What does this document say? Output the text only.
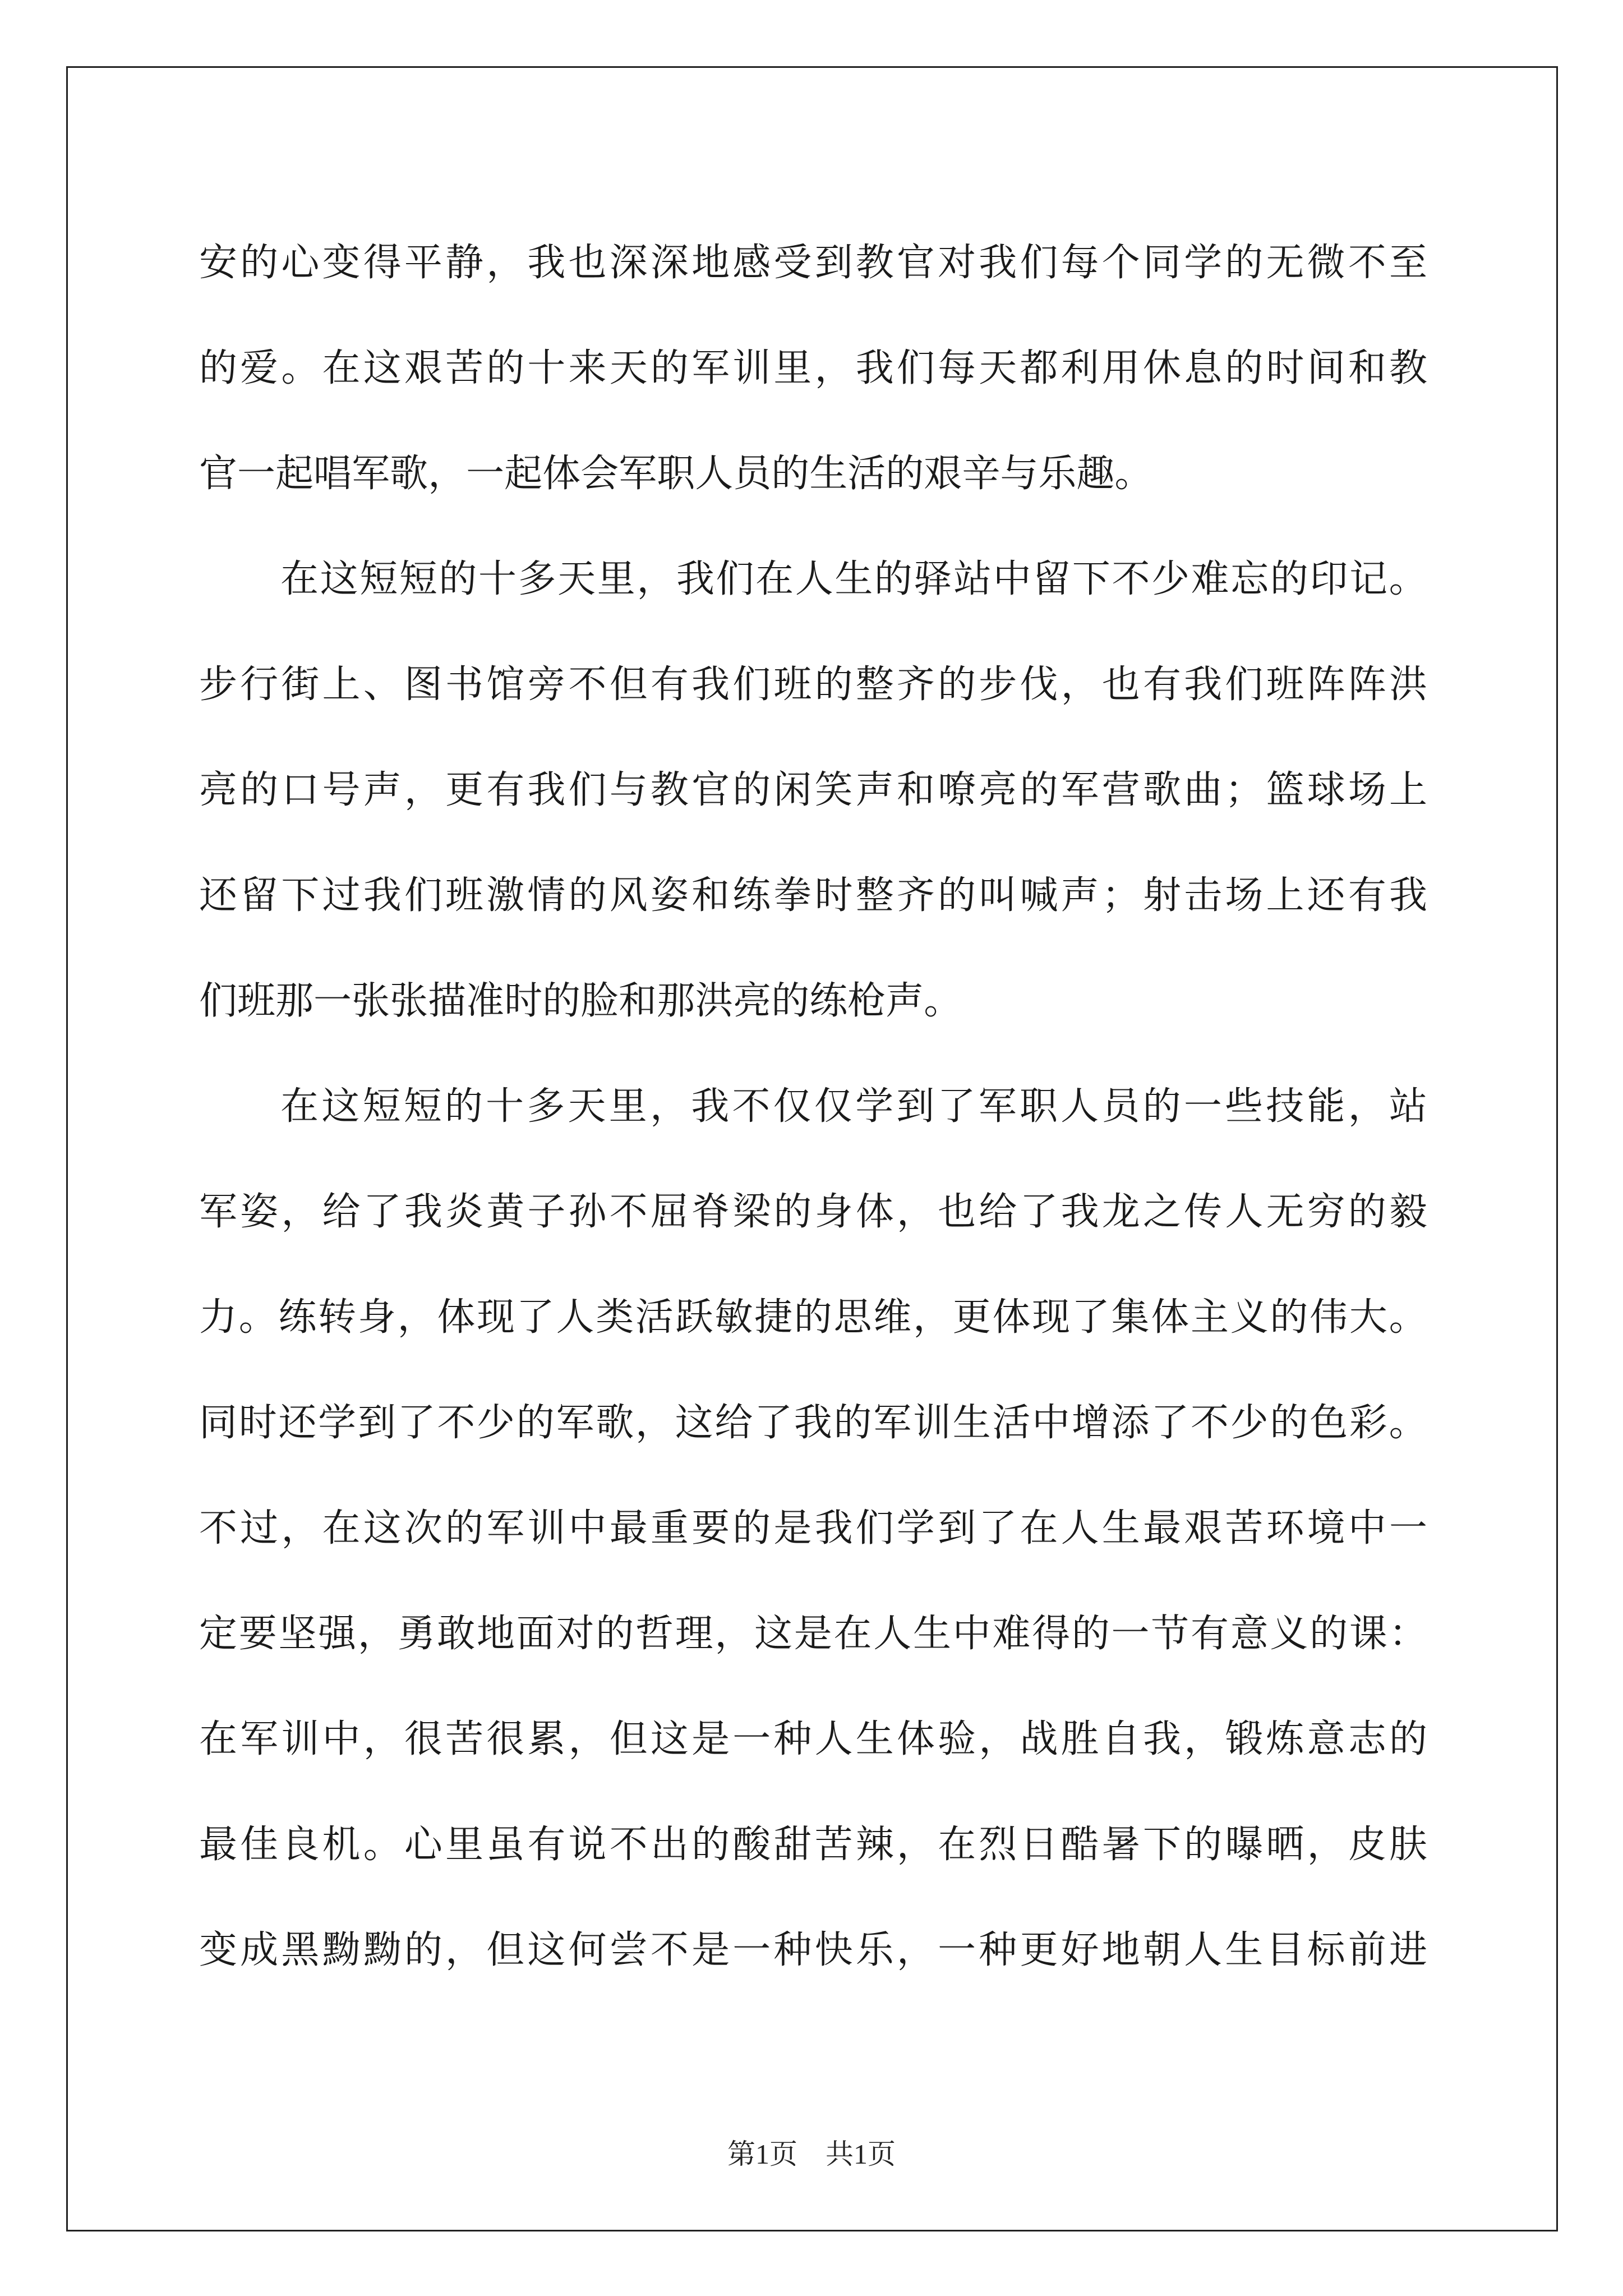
安 的 心 变 得 平 静 ， 我 也 深 深 地 感 受 到 教 官 对 我 们 每 个 同 学 的 无 微 不 至
的 爱 。 在 这 艰 苦 的 十 来 天 的 军 训 里 ， 我 们 每 天 都 利 用 休 息 的 时 间 和 教
官 一 起 唱 军 歌 ， 一 起 体 会 军 职 人 员 的 生 活 的 艰 辛 与 乐 趣 。
在 这 短 短 的 十 多 天 里 ， 我 们 在 人 生 的 驿 站 中 留 下 不 少 难 忘 的 印 记 。
步 行 街 上 、 图 书 馆 旁 不 但 有 我 们 班 的 整 齐 的 步 伐 ， 也 有 我 们 班 阵 阵 洪
亮 的 口 号 声 ， 更 有 我 们 与 教 官 的 闲 笑 声 和 嘹 亮 的 军 营 歌 曲 ； 篮 球 场 上
还 留 下 过 我 们 班 激 情 的 风 姿 和 练 拳 时 整 齐 的 叫 喊 声 ； 射 击 场 上 还 有 我
们 班 那 一 张 张 描 准 时 的 脸 和 那 洪 亮 的 练 枪 声 。
在 这 短 短 的 十 多 天 里 ， 我 不 仅 仅 学 到 了 军 职 人 员 的 一 些 技 能 ， 站
军 姿 ， 给 了 我 炎 黄 子 孙 不 屈 脊 梁 的 身 体 ， 也 给 了 我 龙 之 传 人 无 穷 的 毅
力 。 练 转 身 ， 体 现 了 人 类 活 跃 敏 捷 的 思 维 ， 更 体 现 了 集 体 主 义 的 伟 大 。
同 时 还 学 到 了 不 少 的 军 歌 ， 这 给 了 我 的 军 训 生 活 中 增 添 了 不 少 的 色 彩 。
不 过 ， 在 这 次 的 军 训 中 最 重 要 的 是 我 们 学 到 了 在 人 生 最 艰 苦 环 境 中 一
定 要 坚 强 ， 勇 敢 地 面 对 的 哲 理 ， 这 是 在 人 生 中 难 得 的 一 节 有 意 义 的 课 ：
在 军 训 中 ， 很 苦 很 累 ， 但 这 是 一 种 人 生 体 验 ， 战 胜 自 我 ， 锻 炼 意 志 的
最 佳 良 机 。 心 里 虽 有 说 不 出 的 酸 甜 苦 辣 ， 在 烈 日 酷 暑 下 的 曝 晒 ， 皮 肤
变 成 黑 黝 黝 的 ， 但 这 何 尝 不 是 一 种 快 乐 ， 一 种 更 好 地 朝 人 生 目 标 前 进
第1页　共1页
